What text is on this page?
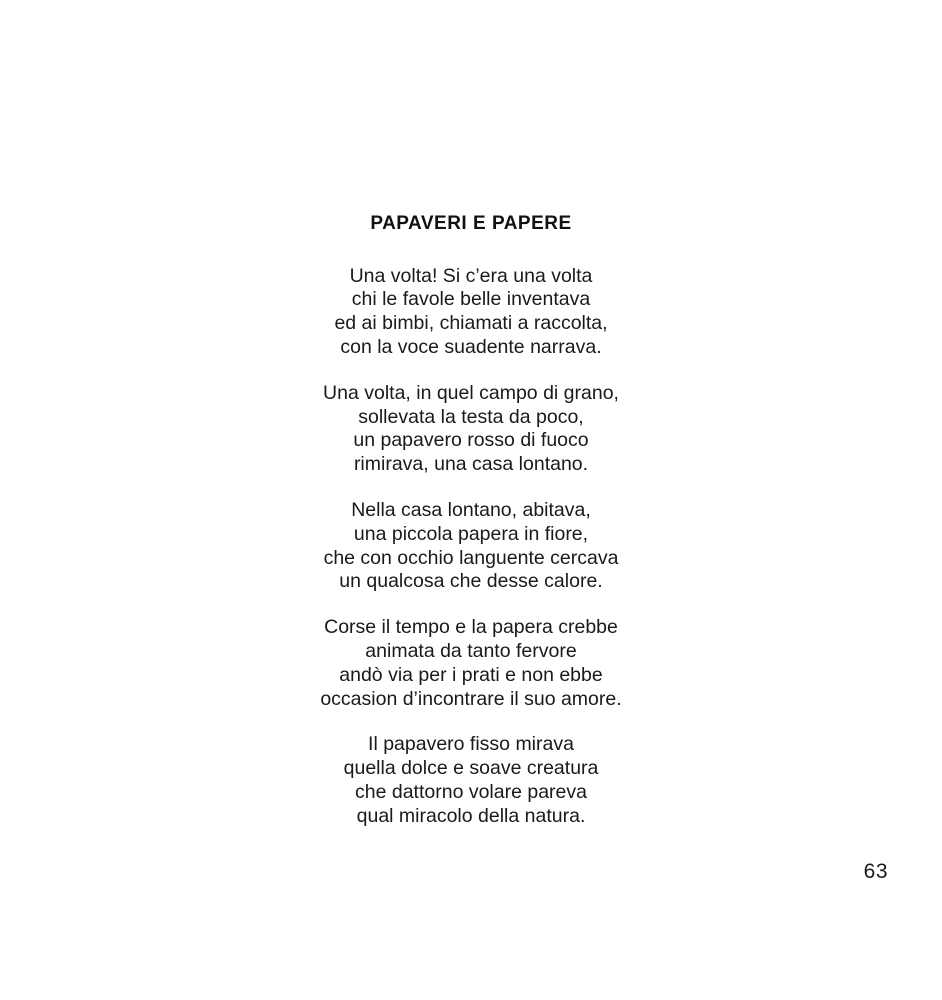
PAPAVERI E PAPERE
Una volta! Si c’era una volta
chi le favole belle inventava
ed ai bimbi, chiamati a raccolta,
con la voce suadente narrava.
Una volta, in quel campo di grano,
sollevata la testa da poco,
un papavero rosso di fuoco
rimirava, una casa lontano.
Nella casa lontano, abitava,
una piccola papera in fiore,
che con occhio languente cercava
un qualcosa che desse calore.
Corse il tempo e la papera crebbe
animata da tanto fervore
andò via per i prati e non ebbe
occasion d’incontrare il suo amore.
Il papavero fisso mirava
quella dolce e soave creatura
che dattorno volare pareva
qual miracolo della natura.
63
